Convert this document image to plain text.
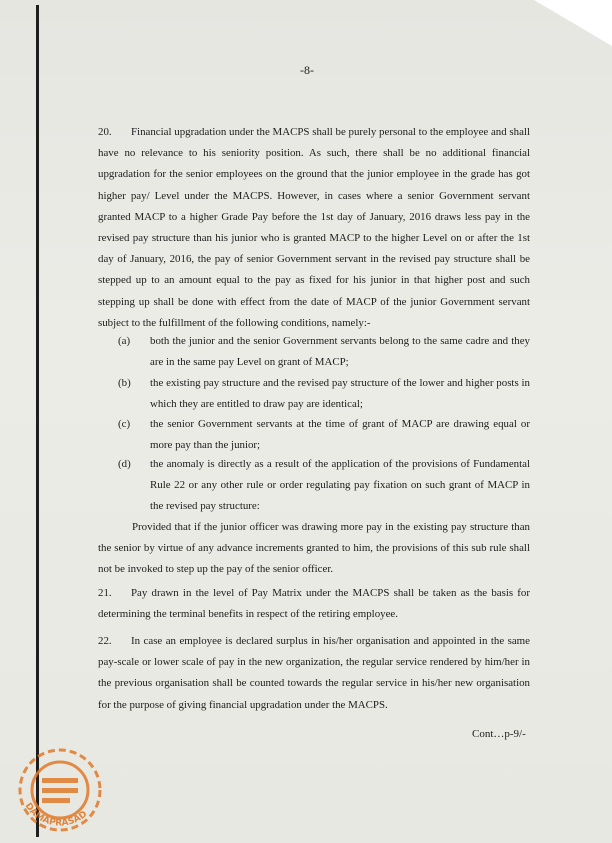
-8-

20. Financial upgradation under the MACPS shall be purely personal to the employee and shall have no relevance to his seniority position. As such, there shall be no additional financial upgradation for the senior employees on the ground that the junior employee in the grade has got higher pay/ Level under the MACPS. However, in cases where a senior Government servant granted MACP to a higher Grade Pay before the 1st day of January, 2016 draws less pay in the revised pay structure than his junior who is granted MACP to the higher Level on or after the 1st day of January, 2016, the pay of senior Government servant in the revised pay structure shall be stepped up to an amount equal to the pay as fixed for his junior in that higher post and such stepping up shall be done with effect from the date of MACP of the junior Government servant subject to the fulfillment of the following conditions, namely:-

(a) both the junior and the senior Government servants belong to the same cadre and they are in the same pay Level on grant of MACP;
(b) the existing pay structure and the revised pay structure of the lower and higher posts in which they are entitled to draw pay are identical;
(c) the senior Government servants at the time of grant of MACP are drawing equal or more pay than the junior;
(d) the anomaly is directly as a result of the application of the provisions of Fundamental Rule 22 or any other rule or order regulating pay fixation on such grant of MACP in the revised pay structure:

Provided that if the junior officer was drawing more pay in the existing pay structure than the senior by virtue of any advance increments granted to him, the provisions of this sub rule shall not be invoked to step up the pay of the senior officer.

21. Pay drawn in the level of Pay Matrix under the MACPS shall be taken as the basis for determining the terminal benefits in respect of the retiring employee.

22. In case an employee is declared surplus in his/her organisation and appointed in the same pay-scale or lower scale of pay in the new organization, the regular service rendered by him/her in the previous organisation shall be counted towards the regular service in his/her new organisation for the purpose of giving financial upgradation under the MACPS.

Cont…p-9/-
DAMAPRASAD
